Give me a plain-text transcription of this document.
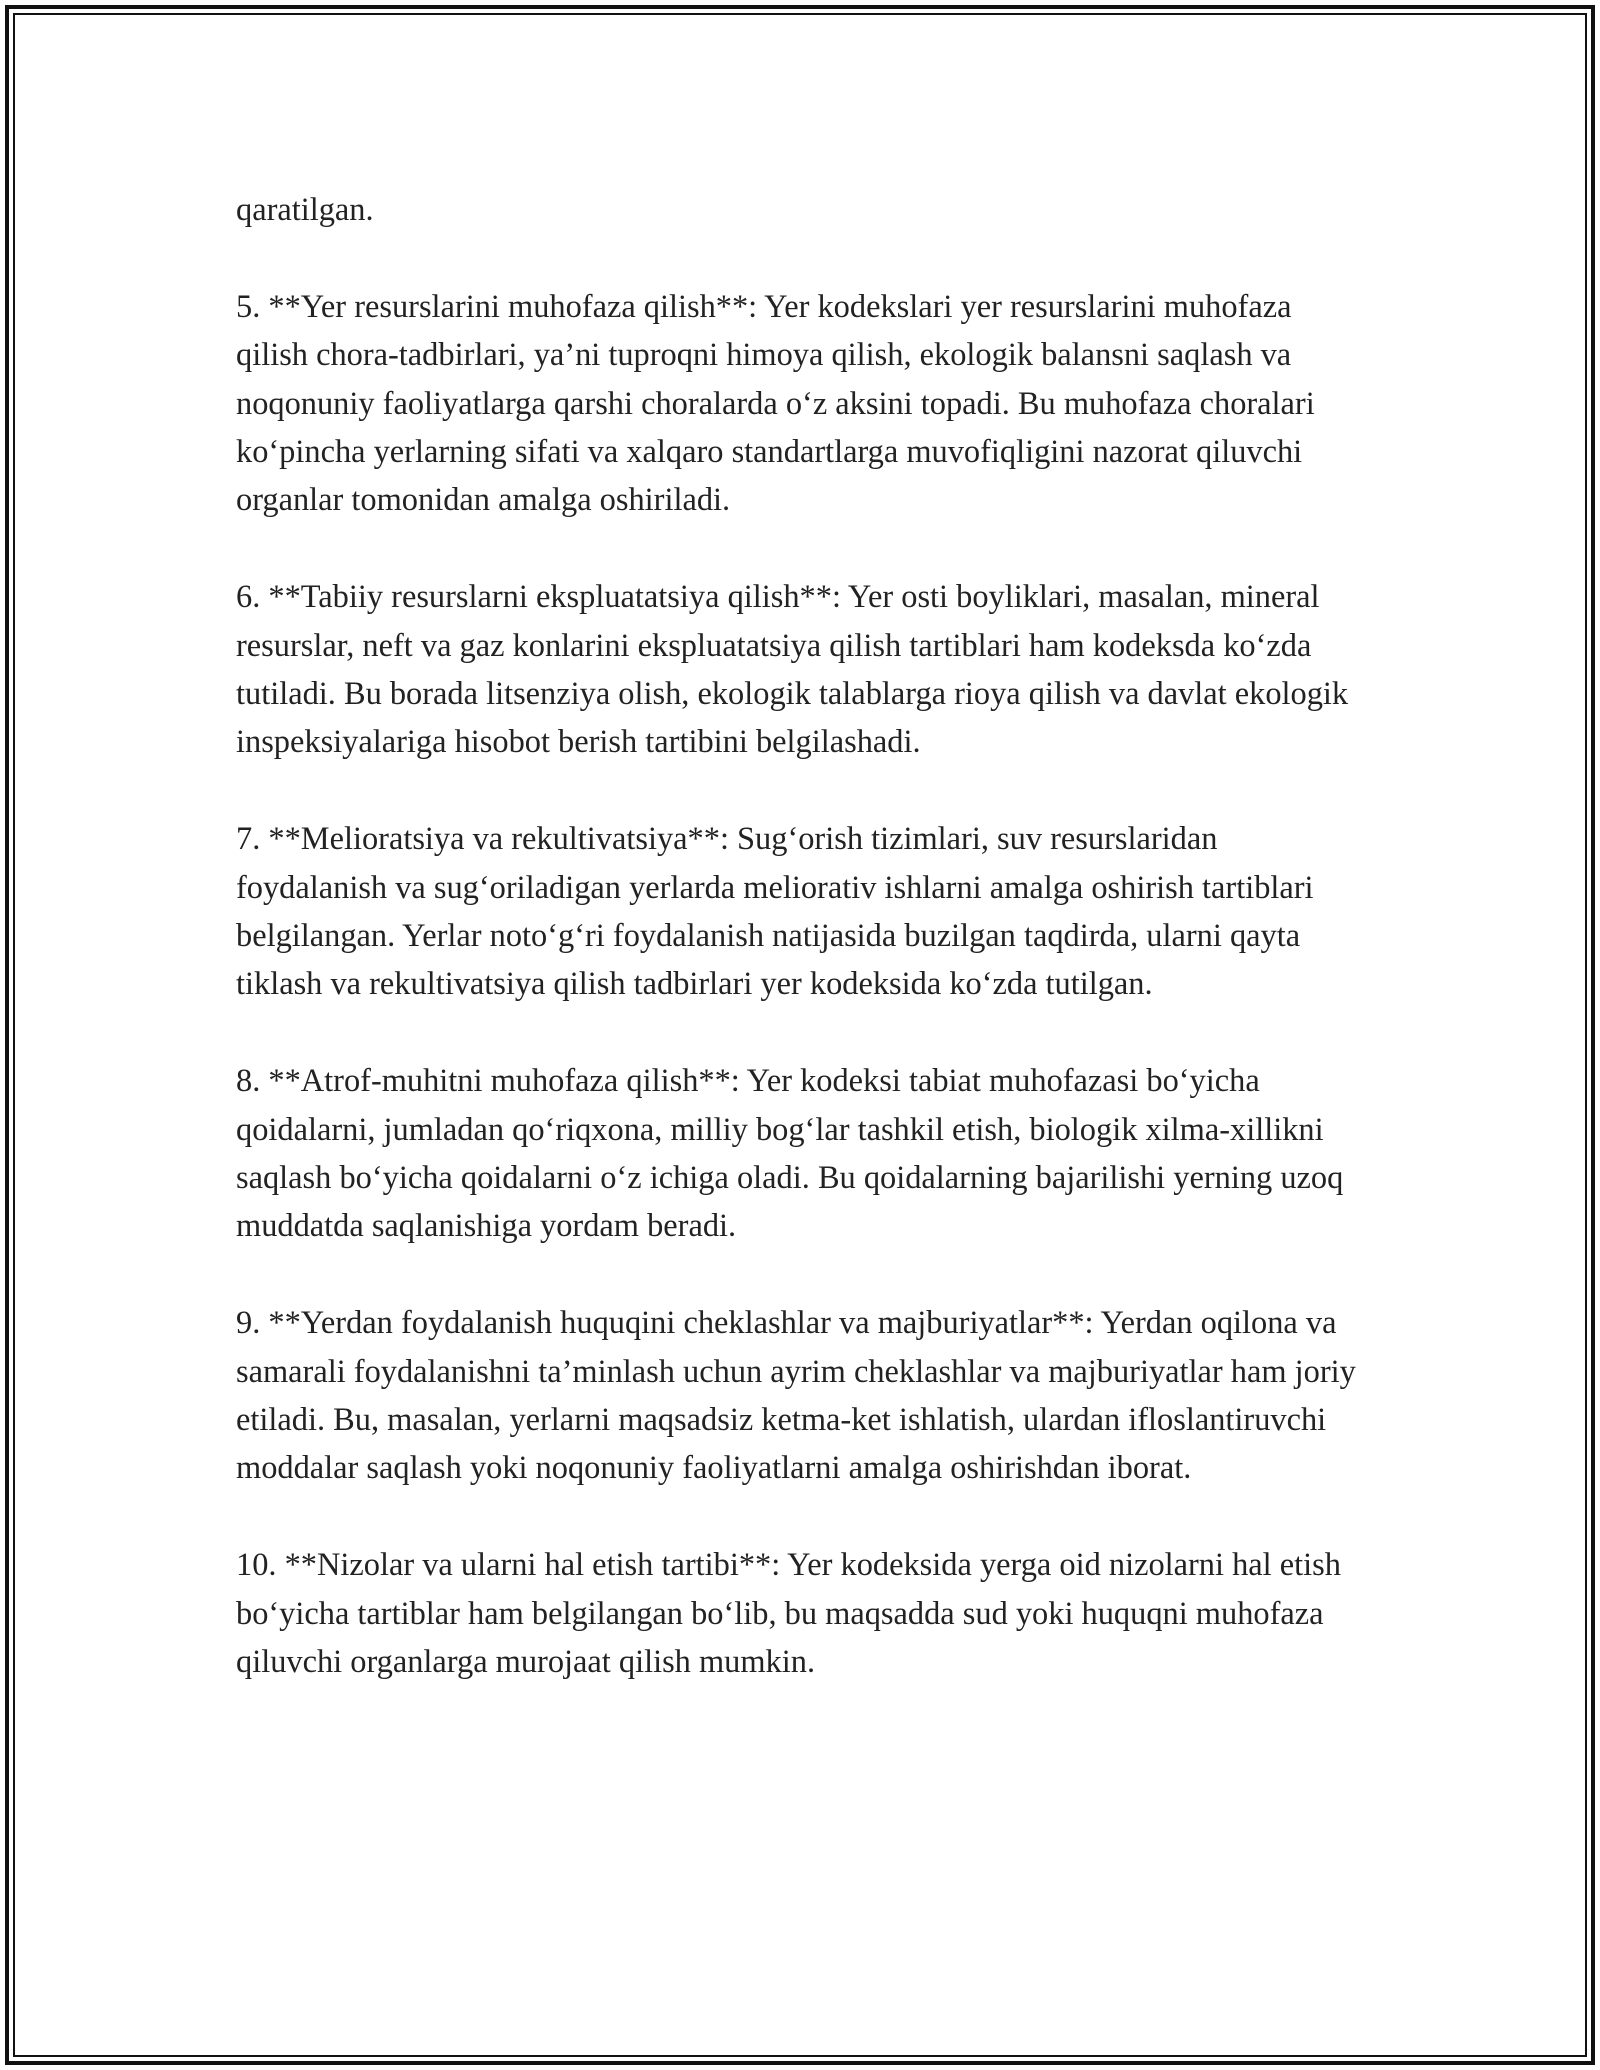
qaratilgan.

5. **Yer resurslarini muhofaza qilish**: Yer kodekslari yer resurslarini muhofaza qilish chora-tadbirlari, ya’ni tuproqni himoya qilish, ekologik balansni saqlash va noqonuniy faoliyatlarga qarshi choralarda o‘z aksini topadi. Bu muhofaza choralari ko‘pincha yerlarning sifati va xalqaro standartlarga muvofiqligini nazorat qiluvchi organlar tomonidan amalga oshiriladi.

6. **Tabiiy resurslarni ekspluatatsiya qilish**: Yer osti boyliklari, masalan, mineral resurslar, neft va gaz konlarini ekspluatatsiya qilish tartiblari ham kodeksda ko‘zda tutiladi. Bu borada litsenziya olish, ekologik talablarga rioya qilish va davlat ekologik inspeksiyalariga hisobot berish tartibini belgilashadi.

7. **Melioratsiya va rekultivatsiya**: Sug‘orish tizimlari, suv resurslaridan foydalanish va sug‘oriladigan yerlarda meliorativ ishlarni amalga oshirish tartiblari belgilangan. Yerlar noto‘g‘ri foydalanish natijasida buzilgan taqdirda, ularni qayta tiklash va rekultivatsiya qilish tadbirlari yer kodeksida ko‘zda tutilgan.

8. **Atrof-muhitni muhofaza qilish**: Yer kodeksi tabiat muhofazasi bo‘yicha qoidalarni, jumladan qo‘riqxona, milliy bog‘lar tashkil etish, biologik xilma-xillikni saqlash bo‘yicha qoidalarni o‘z ichiga oladi. Bu qoidalarning bajarilishi yerning uzoq muddatda saqlanishiga yordam beradi.

9. **Yerdan foydalanish huquqini cheklashlar va majburiyatlar**: Yerdan oqilona va samarali foydalanishni ta’minlash uchun ayrim cheklashlar va majburiyatlar ham joriy etiladi. Bu, masalan, yerlarni maqsadsiz ketma-ket ishlatish, ulardan ifloslantiruvchi moddalar saqlash yoki noqonuniy faoliyatlarni amalga oshirishdan iborat.

10. **Nizolar va ularni hal etish tartibi**: Yer kodeksida yerga oid nizolarni hal etish bo‘yicha tartiblar ham belgilangan bo‘lib, bu maqsadda sud yoki huquqni muhofaza qiluvchi organlarga murojaat qilish mumkin.
